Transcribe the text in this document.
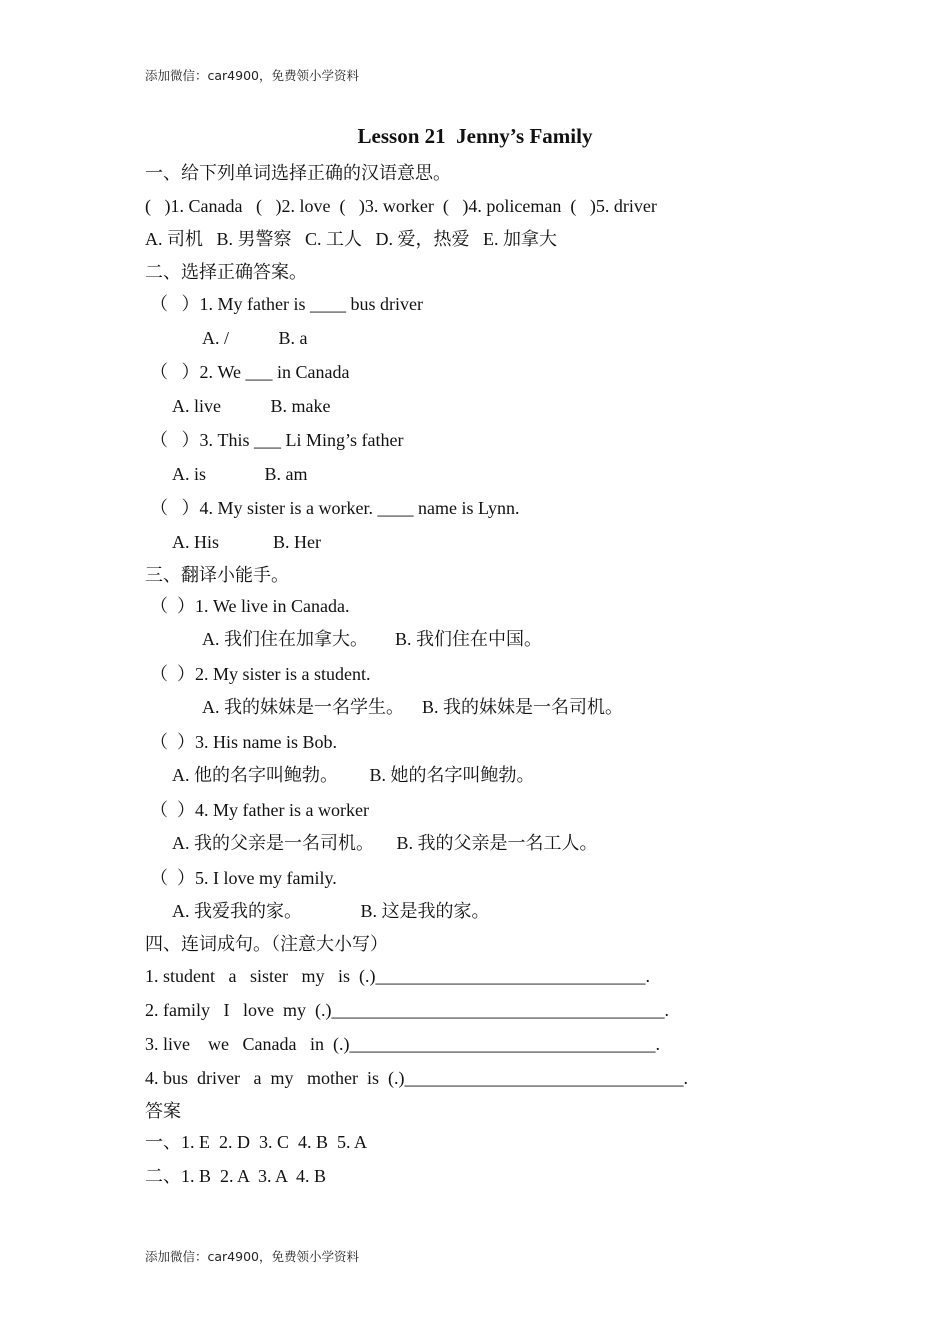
添加微信：car4900，免费领小学资料
Lesson 21  Jenny’s Family
一、给下列单词选择正确的汉语意思。
(   )1. Canada   (   )2. love  (   )3. worker  (   )4. policeman  (   )5. driver
A. 司机   B. 男警察   C. 工人   D. 爱，热爱   E. 加拿大
二、选择正确答案。
（   ）1. My father is ____ bus driver
A. /           B. a
（   ）2. We ___ in Canada
A. live           B. make
（   ）3. This ___ Li Ming’s father
A. is             B. am
（   ）4. My sister is a worker. ____ name is Lynn.
A. His            B. Her
三、翻译小能手。
（  ）1. We live in Canada.
A. 我们住在加拿大。      B. 我们住在中国。
（  ）2. My sister is a student.
A. 我的妹妹是一名学生。    B. 我的妹妹是一名司机。
（  ）3. His name is Bob.
A. 他的名字叫鲍勃。       B. 她的名字叫鲍勃。
（  ）4. My father is a worker
A. 我的父亲是一名司机。     B. 我的父亲是一名工人。
（  ）5. I love my family.
A. 我爱我的家。             B. 这是我的家。
四、连词成句。（注意大小写）
1. student   a   sister   my   is  (.)______________________________.
2. family   I   love  my  (.)_____________________________________.
3. live    we   Canada   in  (.)__________________________________.
4. bus  driver   a  my   mother  is  (.)_______________________________.
答案
一、1. E  2. D  3. C  4. B  5. A
二、1. B  2. A  3. A  4. B
添加微信：car4900，免费领小学资料
